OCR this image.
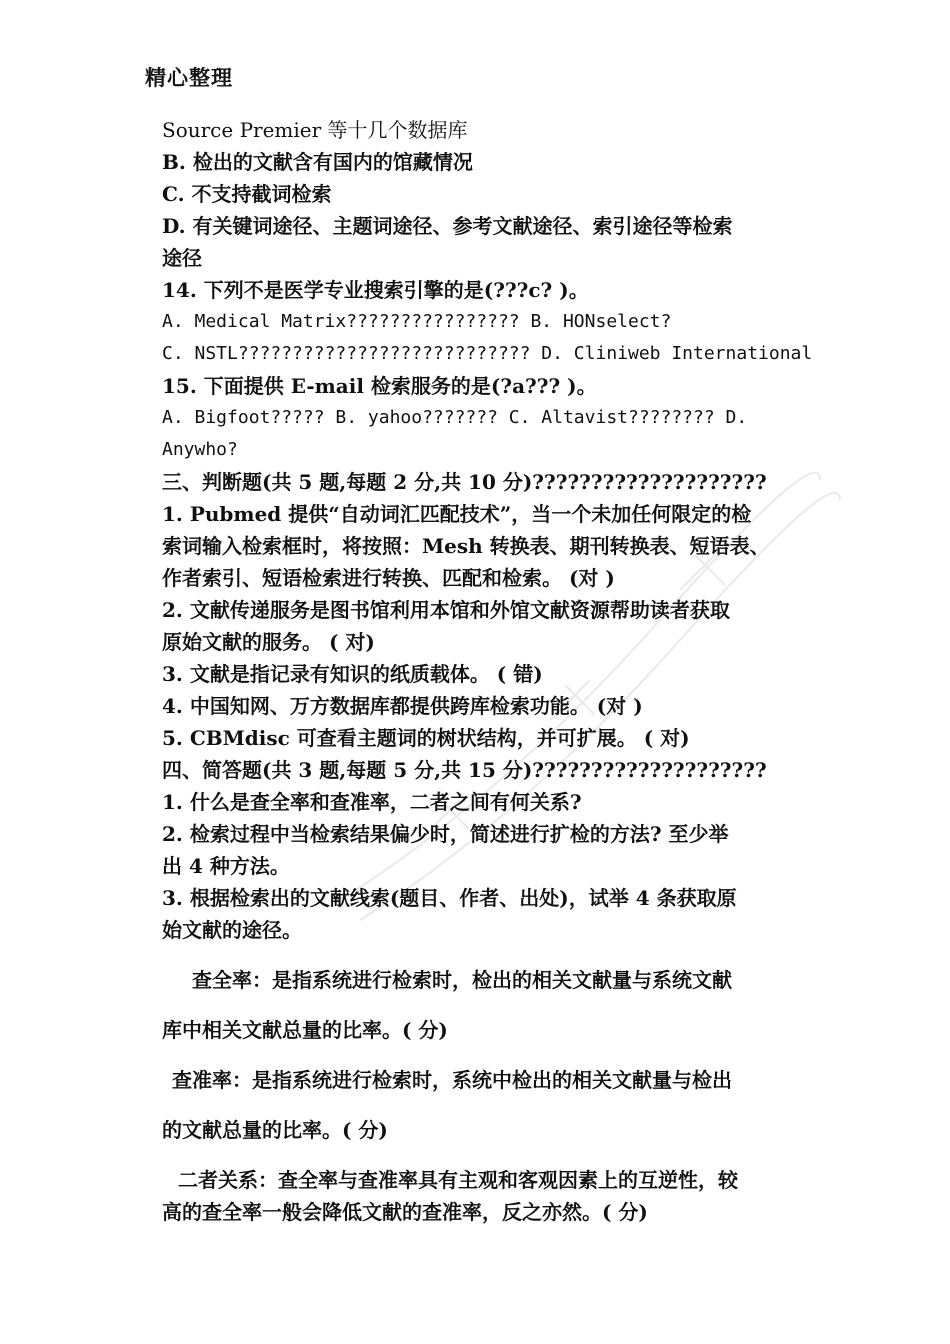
精心整理
Source Premier 等十几个数据库
B. 检出的文献含有国内的馆藏情况
C. 不支持截词检索
D. 有关键词途径、主题词途径、参考文献途径、索引途径等检索
途径
14. 下列不是医学专业搜索引擎的是(???c? )。
A. Medical Matrix???????????????? B. HONselect?
C. NSTL??????????????????????????? D. Cliniweb International
15. 下面提供 E-mail 检索服务的是(?a??? )。
A. Bigfoot????? B. yahoo??????? C. Altavist???????? D.
Anywho?
三、判断题(共 5 题,每题 2 分,共 10 分)????????????????????
1. Pubmed 提供“自动词汇匹配技术”，当一个未加任何限定的检
索词输入检索框时，将按照：Mesh 转换表、期刊转换表、短语表、
作者索引、短语检索进行转换、匹配和检索。 (对 )
2. 文献传递服务是图书馆利用本馆和外馆文献资源帮助读者获取
原始文献的服务。 ( 对)
3. 文献是指记录有知识的纸质载体。 ( 错)
4. 中国知网、万方数据库都提供跨库检索功能。 (对 )
5. CBMdisc 可查看主题词的树状结构，并可扩展。 ( 对)
四、简答题(共 3 题,每题 5 分,共 15 分)????????????????????
1. 什么是查全率和查准率，二者之间有何关系?
2. 检索过程中当检索结果偏少时，简述进行扩检的方法? 至少举
出 4 种方法。
3. 根据检索出的文献线索(题目、作者、出处)，试举 4 条获取原
始文献的途径。
查全率：是指系统进行检索时，检出的相关文献量与系统文献
库中相关文献总量的比率。( 分)
查准率：是指系统进行检索时，系统中检出的相关文献量与检出
的文献总量的比率。( 分)
二者关系：查全率与查准率具有主观和客观因素上的互逆性，较
高的查全率一般会降低文献的查准率，反之亦然。( 分)
